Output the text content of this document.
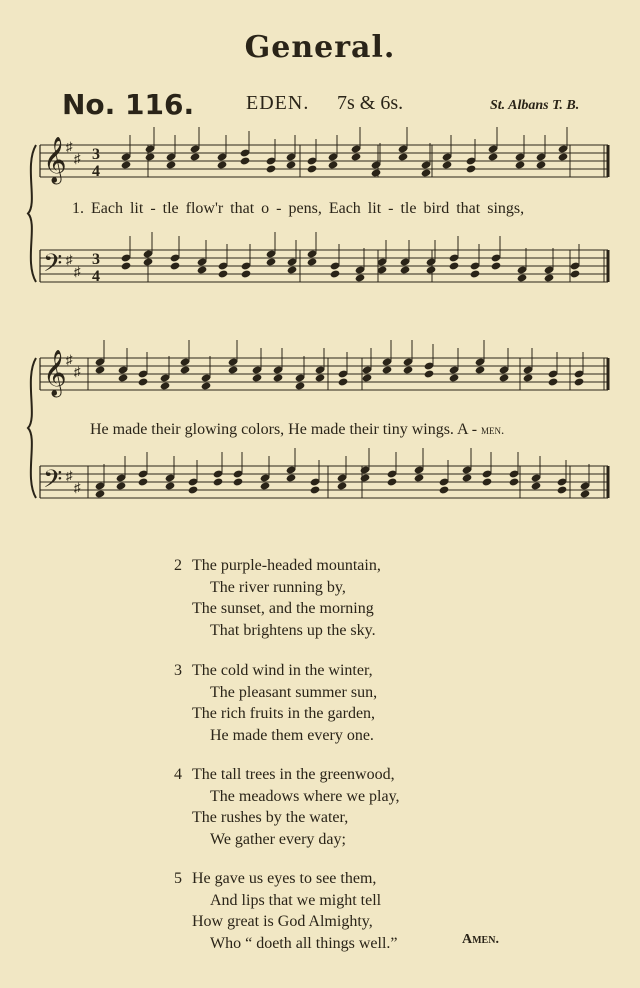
General.
No. 116.	EDEN. 7s & 6s.	St. Albans T. B.
𝄞 ♯
♯ 3
4
𝄢 ♯
♯
3
4
𝄞 ♯
♯
𝄢 ♯
♯
1. Each lit - tle flow'r that o - pens, Each lit - tle bird that sings,
He made their glowing colors, He made their tiny wings. A - men.
2 The purple-headed mountain,
The river running by,
The sunset, and the morning
That brightens up the sky.
3 The cold wind in the winter,
The pleasant summer sun,
The rich fruits in the garden,
He made them every one.
4 The tall trees in the greenwood,
The meadows where we play,
The rushes by the water,
We gather every day;
5 He gave us eyes to see them,
And lips that we might tell
How great is God Almighty,
Who “ doeth all things well.”	Amen.
